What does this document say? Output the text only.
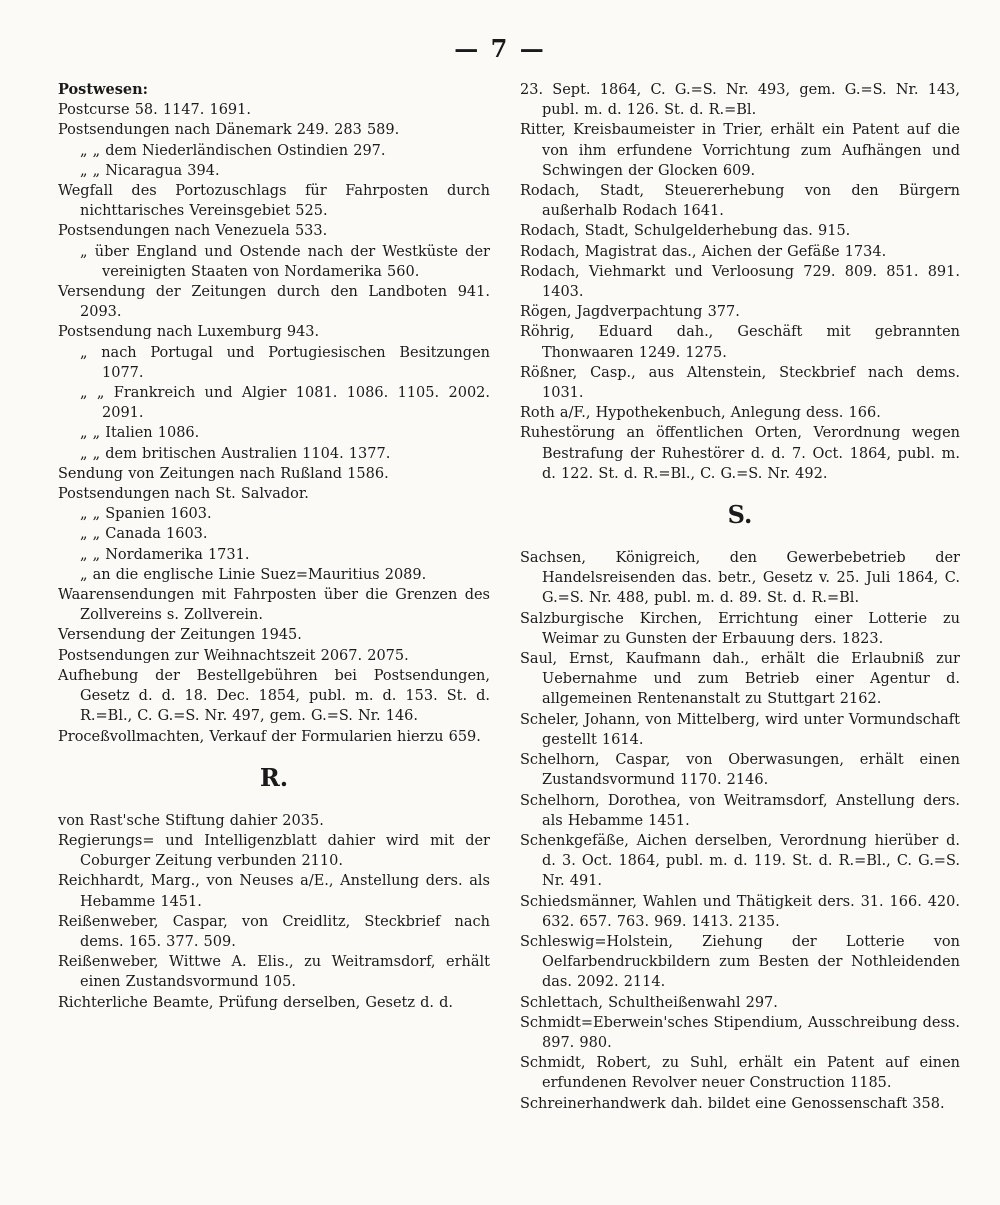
— 7 —

Postwesen:

Postcurse 58. 1147. 1691.

Postsendungen nach Dänemark 249. 283 589.

„ „ dem Niederländischen Ostindien 297.

„ „ Nicaragua 394.

Wegfall des Portozuschlags für Fahrposten durch nichttarisches Vereinsgebiet 525.

Postsendungen nach Venezuela 533.

„ über England und Ostende nach der Westküste der vereinigten Staaten von Nordamerika 560.

Versendung der Zeitungen durch den Landboten 941. 2093.

Postsendung nach Luxemburg 943.

„ nach Portugal und Portugiesischen Besitzungen 1077.

„ „ Frankreich und Algier 1081. 1086. 1105. 2002. 2091.

„ „ Italien 1086.

„ „ dem britischen Australien 1104. 1377.

Sendung von Zeitungen nach Rußland 1586.

Postsendungen nach St. Salvador.

„ „ Spanien 1603.

„ „ Canada 1603.

„ „ Nordamerika 1731.

„ an die englische Linie Suez=Mauritius 2089.

Waarensendungen mit Fahrposten über die Grenzen des Zollvereins s. Zollverein.

Versendung der Zeitungen 1945.

Postsendungen zur Weihnachtszeit 2067. 2075.

Aufhebung der Bestellgebühren bei Postsendungen, Gesetz d. d. 18. Dec. 1854, publ. m. d. 153. St. d. R.=Bl., C. G.=S. Nr. 497, gem. G.=S. Nr. 146.

Proceßvollmachten, Verkauf der Formularien hierzu 659.

R.

von Rast'sche Stiftung dahier 2035.

Regierungs= und Intelligenzblatt dahier wird mit der Coburger Zeitung verbunden 2110.

Reichhardt, Marg., von Neuses a/E., Anstellung ders. als Hebamme 1451.

Reißenweber, Caspar, von Creidlitz, Steckbrief nach dems. 165. 377. 509.

Reißenweber, Wittwe A. Elis., zu Weitramsdorf, erhält einen Zustandsvormund 105.

Richterliche Beamte, Prüfung derselben, Gesetz d. d.

23. Sept. 1864, C. G.=S. Nr. 493, gem. G.=S. Nr. 143, publ. m. d. 126. St. d. R.=Bl.

Ritter, Kreisbaumeister in Trier, erhält ein Patent auf die von ihm erfundene Vorrichtung zum Aufhängen und Schwingen der Glocken 609.

Rodach, Stadt, Steuererhebung von den Bürgern außerhalb Rodach 1641.

Rodach, Stadt, Schulgelderhebung das. 915.

Rodach, Magistrat das., Aichen der Gefäße 1734.

Rodach, Viehmarkt und Verloosung 729. 809. 851. 891. 1403.

Rögen, Jagdverpachtung 377.

Röhrig, Eduard dah., Geschäft mit gebrannten Thonwaaren 1249. 1275.

Rößner, Casp., aus Altenstein, Steckbrief nach dems. 1031.

Roth a/F., Hypothekenbuch, Anlegung dess. 166.

Ruhestörung an öffentlichen Orten, Verordnung wegen Bestrafung der Ruhestörer d. d. 7. Oct. 1864, publ. m. d. 122. St. d. R.=Bl., C. G.=S. Nr. 492.

S.

Sachsen, Königreich, den Gewerbebetrieb der Handelsreisenden das. betr., Gesetz v. 25. Juli 1864, C. G.=S. Nr. 488, publ. m. d. 89. St. d. R.=Bl.

Salzburgische Kirchen, Errichtung einer Lotterie zu Weimar zu Gunsten der Erbauung ders. 1823.

Saul, Ernst, Kaufmann dah., erhält die Erlaubniß zur Uebernahme und zum Betrieb einer Agentur d. allgemeinen Rentenanstalt zu Stuttgart 2162.

Scheler, Johann, von Mittelberg, wird unter Vormundschaft gestellt 1614.

Schelhorn, Caspar, von Oberwasungen, erhält einen Zustandsvormund 1170. 2146.

Schelhorn, Dorothea, von Weitramsdorf, Anstellung ders. als Hebamme 1451.

Schenkgefäße, Aichen derselben, Verordnung hierüber d. d. 3. Oct. 1864, publ. m. d. 119. St. d. R.=Bl., C. G.=S. Nr. 491.

Schiedsmänner, Wahlen und Thätigkeit ders. 31. 166. 420. 632. 657. 763. 969. 1413. 2135.

Schleswig=Holstein, Ziehung der Lotterie von Oelfarbendruckbildern zum Besten der Nothleidenden das. 2092. 2114.

Schlettach, Schultheißenwahl 297.

Schmidt=Eberwein'sches Stipendium, Ausschreibung dess. 897. 980.

Schmidt, Robert, zu Suhl, erhält ein Patent auf einen erfundenen Revolver neuer Construction 1185.

Schreinerhandwerk dah. bildet eine Genossenschaft 358.
